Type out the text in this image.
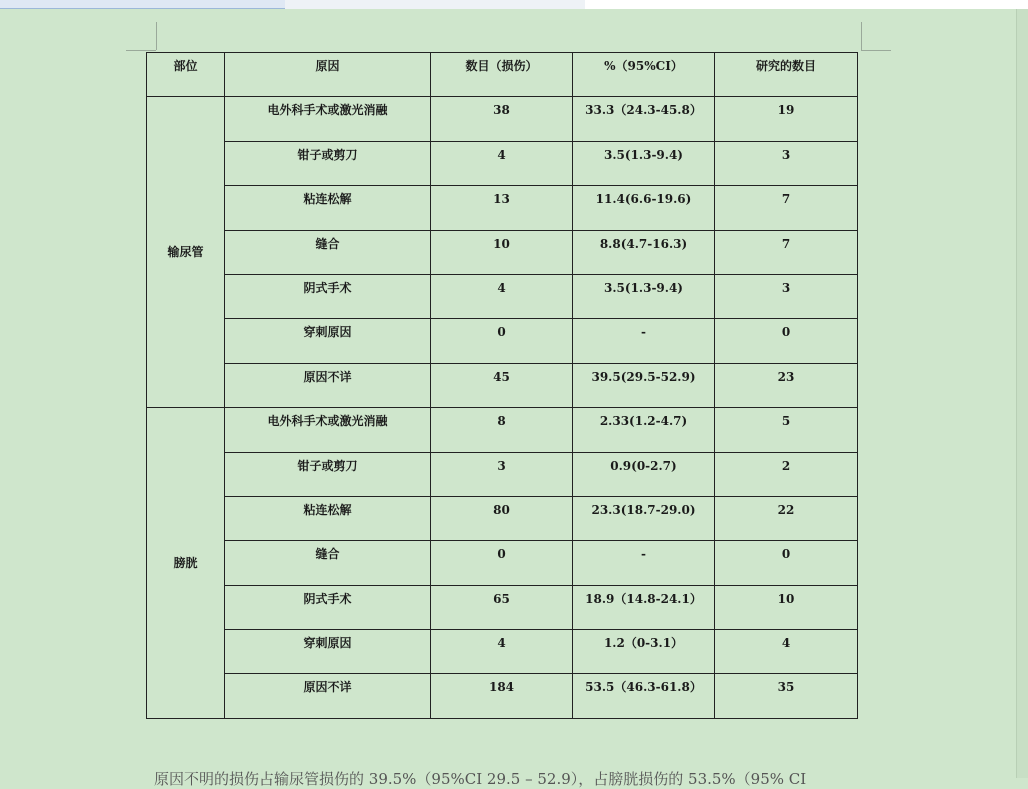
部位	原因	数目（损伤）	%（95%CI）	研究的数目
输尿管	电外科手术或激光消融	38	33.3（24.3-45.8）	19
	钳子或剪刀	4	3.5(1.3-9.4)	3
	粘连松解	13	11.4(6.6-19.6)	7
	缝合	10	8.8(4.7-16.3)	7
	阴式手术	4	3.5(1.3-9.4)	3
	穿刺原因	0	-	0
	原因不详	45	39.5(29.5-52.9)	23
膀胱	电外科手术或激光消融	8	2.33(1.2-4.7)	5
	钳子或剪刀	3	0.9(0-2.7)	2
	粘连松解	80	23.3(18.7-29.0)	22
	缝合	0	-	0
	阴式手术	65	18.9（14.8-24.1）	10
	穿刺原因	4	1.2（0-3.1）	4
	原因不详	184	53.5（46.3-61.8）	35
原因不明的损伤占输尿管损伤的 39.5%（95%CI 29.5 – 52.9），占膀胱损伤的 53.5%（95% CI
